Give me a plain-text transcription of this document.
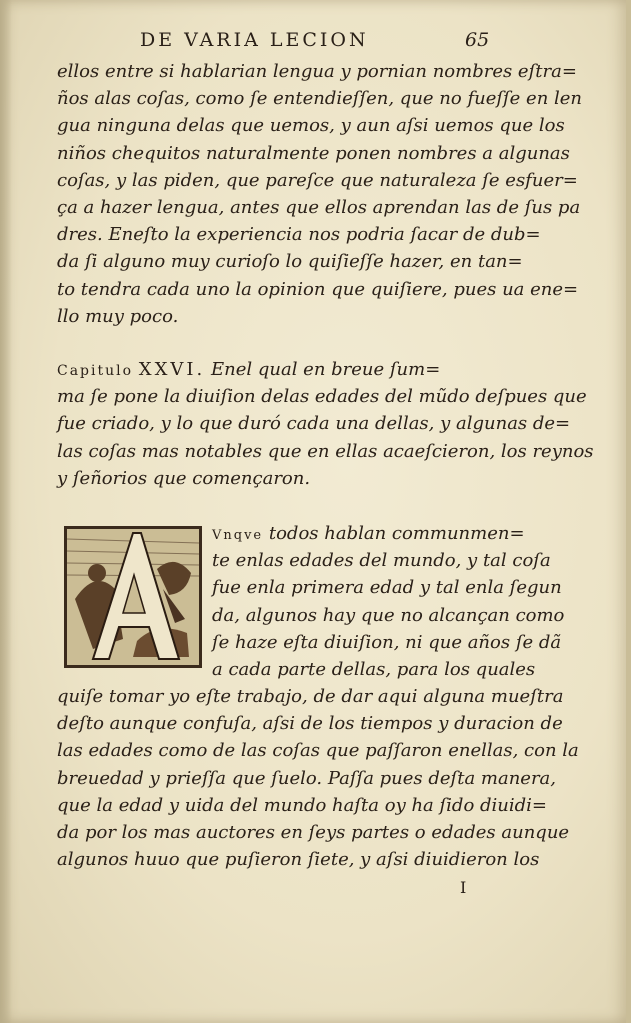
DE VARIA LECION	65
ellos entre si hablarian lengua y pornian nombres eſtra=
ños alas coſas, como ſe entendieſſen, que no fueſſe en len
gua ninguna delas que uemos, y aun aſsi uemos que los
niños chequitos naturalmente ponen nombres a algunas
coſas, y las piden, que pareſce que naturaleza ſe esfuer=
ça a hazer lengua, antes que ellos aprendan las de ſus pa
dres. Eneſto la experiencia nos podria ſacar de dub=
da ſi alguno muy curioſo lo quiſieſſe hazer, en tan=
to tendra cada uno la opinion que quiſiere, pues ua ene=
llo muy poco.
Capitulo XXVI. Enel qual en breue ſum=
ma ſe pone la diuiſion delas edades del mũdo deſpues que
fue criado, y lo que duró cada una dellas, y algunas de=
las coſas mas notables que en ellas acaeſcieron, los reynos
y ſeñorios que començaron.
Vnqve todos hablan communmen=
te enlas edades del mundo, y tal coſa
fue enla primera edad y tal enla ſegun
da, algunos hay que no alcançan como
ſe haze eſta diuiſion, ni que años ſe dã
a cada parte dellas, para los quales
quiſe tomar yo eſte trabajo, de dar aqui alguna mueſtra
deſto aunque confuſa, aſsi de los tiempos y duracion de
las edades como de las coſas que paſſaron enellas, con la
breuedad y prieſſa que ſuelo. Paſſa pues deſta manera,
que la edad y uida del mundo haſta oy ha ſido diuidi=
da por los mas auctores en ſeys partes o edades aunque
algunos huuo que puſieron ſiete, y aſsi diuidieron los
I
